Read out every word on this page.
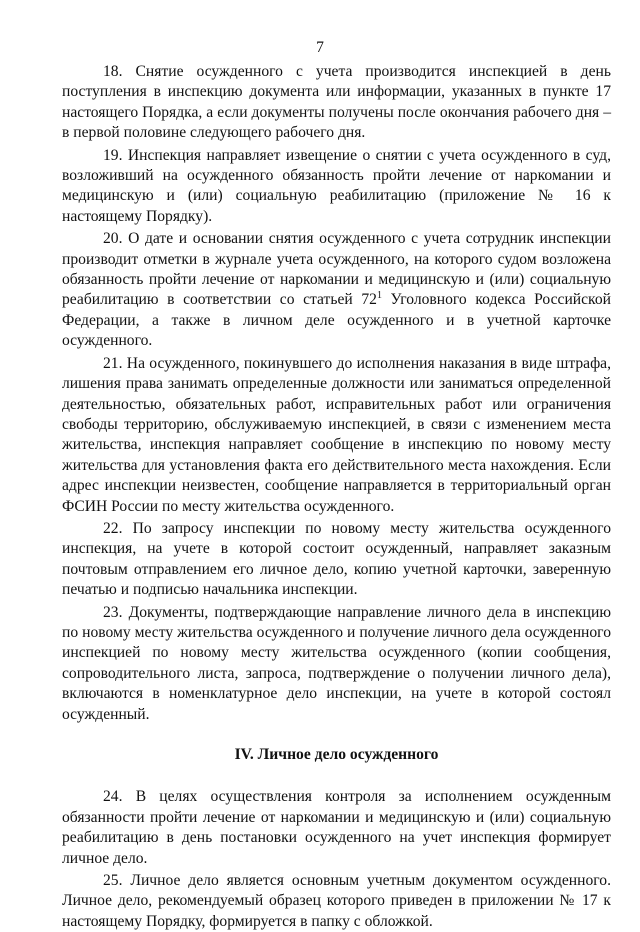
7

18. Снятие осужденного с учета производится инспекцией в день поступления в инспекцию документа или информации, указанных в пункте 17 настоящего Порядка, а если документы получены после окончания рабочего дня – в первой половине следующего рабочего дня.

19. Инспекция направляет извещение о снятии с учета осужденного в суд, возложивший на осужденного обязанность пройти лечение от наркомании и медицинскую и (или) социальную реабилитацию (приложение № 16 к настоящему Порядку).

20. О дате и основании снятия осужденного с учета сотрудник инспекции производит отметки в журнале учета осужденного, на которого судом возложена обязанность пройти лечение от наркомании и медицинскую и (или) социальную реабилитацию в соответствии со статьей $72^1$ Уголовного кодекса Российской Федерации, а также в личном деле осужденного и в учетной карточке осужденного.

21. На осужденного, покинувшего до исполнения наказания в виде штрафа, лишения права занимать определенные должности или заниматься определенной деятельностью, обязательных работ, исправительных работ или ограничения свободы территорию, обслуживаемую инспекцией, в связи с изменением места жительства, инспекция направляет сообщение в инспекцию по новому месту жительства для установления факта его действительного места нахождения. Если адрес инспекции неизвестен, сообщение направляется в территориальный орган ФСИН России по месту жительства осужденного.

22. По запросу инспекции по новому месту жительства осужденного инспекция, на учете в которой состоит осужденный, направляет заказным почтовым отправлением его личное дело, копию учетной карточки, заверенную печатью и подписью начальника инспекции.

23. Документы, подтверждающие направление личного дела в инспекцию по новому месту жительства осужденного и получение личного дела осужденного инспекцией по новому месту жительства осужденного (копии сообщения, сопроводительного листа, запроса, подтверждение о получении личного дела), включаются в номенклатурное дело инспекции, на учете в которой состоял осужденный.

IV. Личное дело осужденного

24. В целях осуществления контроля за исполнением осужденным обязанности пройти лечение от наркомании и медицинскую и (или) социальную реабилитацию в день постановки осужденного на учет инспекция формирует личное дело.

25. Личное дело является основным учетным документом осужденного. Личное дело, рекомендуемый образец которого приведен в приложении № 17 к настоящему Порядку, формируется в папку с обложкой.
